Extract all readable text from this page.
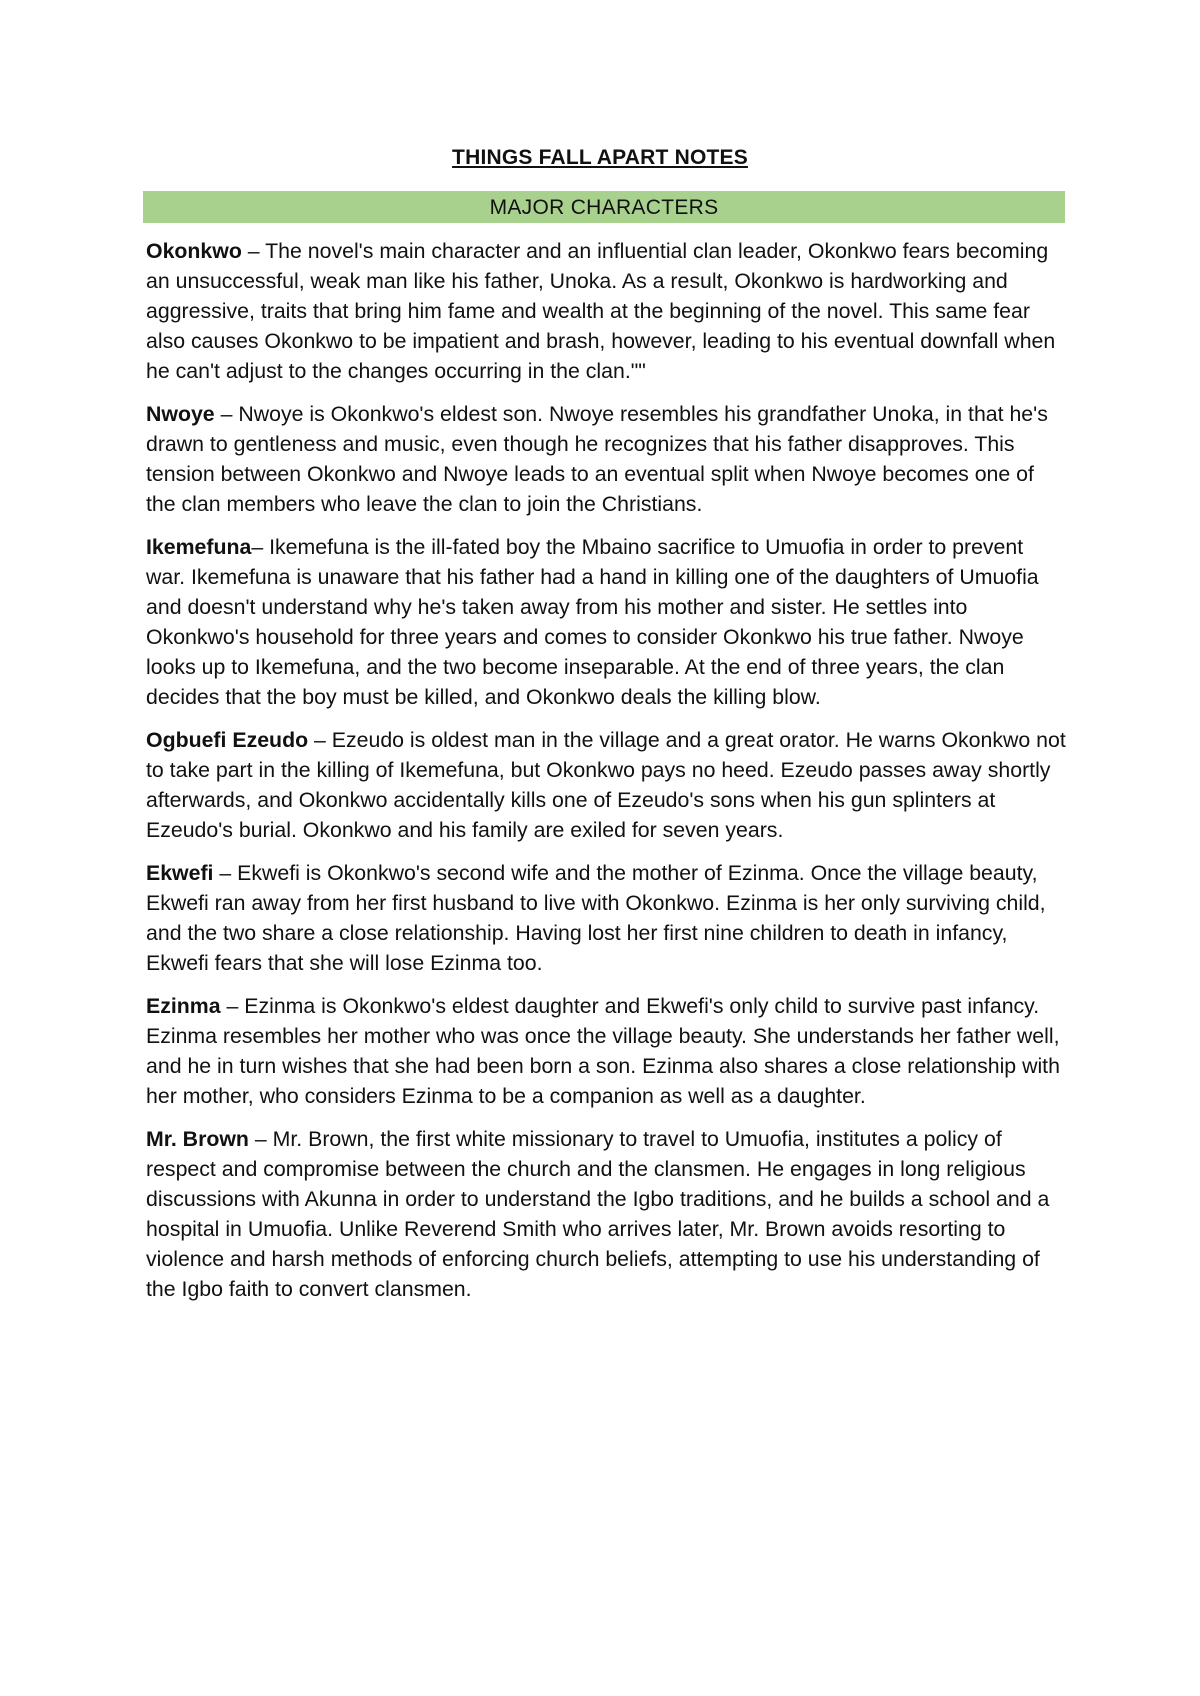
THINGS FALL APART NOTES
MAJOR CHARACTERS

Okonkwo – The novel's main character and an influential clan leader, Okonkwo fears becoming an unsuccessful, weak man like his father, Unoka. As a result, Okonkwo is hardworking and aggressive, traits that bring him fame and wealth at the beginning of the novel. This same fear also causes Okonkwo to be impatient and brash, however, leading to his eventual downfall when he can't adjust to the changes occurring in the clan.""

Nwoye – Nwoye is Okonkwo's eldest son. Nwoye resembles his grandfather Unoka, in that he's drawn to gentleness and music, even though he recognizes that his father disapproves. This tension between Okonkwo and Nwoye leads to an eventual split when Nwoye becomes one of the clan members who leave the clan to join the Christians.

Ikemefuna– Ikemefuna is the ill-fated boy the Mbaino sacrifice to Umuofia in order to prevent war. Ikemefuna is unaware that his father had a hand in killing one of the daughters of Umuofia and doesn't understand why he's taken away from his mother and sister. He settles into Okonkwo's household for three years and comes to consider Okonkwo his true father. Nwoye looks up to Ikemefuna, and the two become inseparable. At the end of three years, the clan decides that the boy must be killed, and Okonkwo deals the killing blow.

Ogbuefi Ezeudo – Ezeudo is oldest man in the village and a great orator. He warns Okonkwo not to take part in the killing of Ikemefuna, but Okonkwo pays no heed. Ezeudo passes away shortly afterwards, and Okonkwo accidentally kills one of Ezeudo's sons when his gun splinters at Ezeudo's burial. Okonkwo and his family are exiled for seven years.

Ekwefi – Ekwefi is Okonkwo's second wife and the mother of Ezinma. Once the village beauty, Ekwefi ran away from her first husband to live with Okonkwo. Ezinma is her only surviving child, and the two share a close relationship. Having lost her first nine children to death in infancy, Ekwefi fears that she will lose Ezinma too.

Ezinma – Ezinma is Okonkwo's eldest daughter and Ekwefi's only child to survive past infancy. Ezinma resembles her mother who was once the village beauty. She understands her father well, and he in turn wishes that she had been born a son. Ezinma also shares a close relationship with her mother, who considers Ezinma to be a companion as well as a daughter.

Mr. Brown – Mr. Brown, the first white missionary to travel to Umuofia, institutes a policy of respect and compromise between the church and the clansmen. He engages in long religious discussions with Akunna in order to understand the Igbo traditions, and he builds a school and a hospital in Umuofia. Unlike Reverend Smith who arrives later, Mr. Brown avoids resorting to violence and harsh methods of enforcing church beliefs, attempting to use his understanding of the Igbo faith to convert clansmen.
